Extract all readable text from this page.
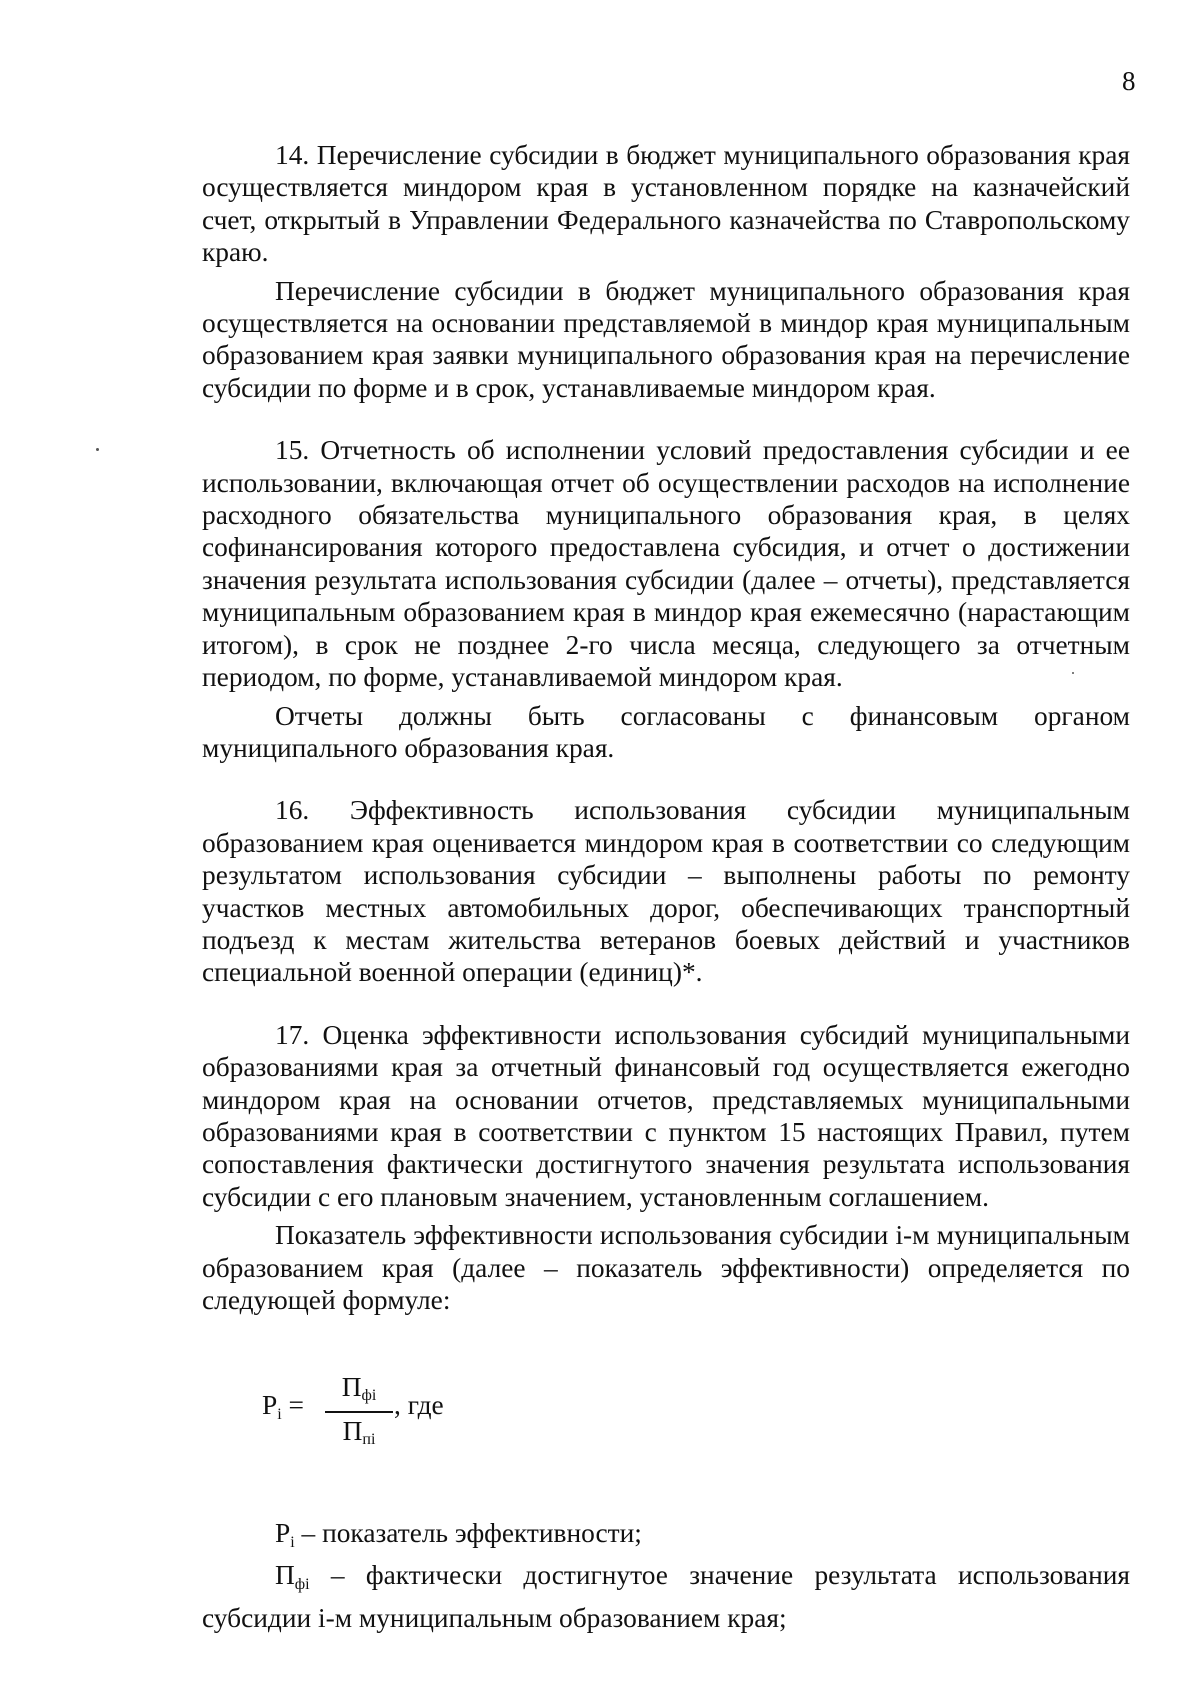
8

14. Перечисление субсидии в бюджет муниципального образования края осуществляется миндором края в установленном порядке на казначейский счет, открытый в Управлении Федерального казначейства по Ставропольскому краю.

Перечисление субсидии в бюджет муниципального образования края осуществляется на основании представляемой в миндор края муниципальным образованием края заявки муниципального образования края на перечисление субсидии по форме и в срок, устанавливаемые миндором края.

15. Отчетность об исполнении условий предоставления субсидии и ее использовании, включающая отчет об осуществлении расходов на исполнение расходного обязательства муниципального образования края, в целях софинансирования которого предоставлена субсидия, и отчет о достижении значения результата использования субсидии (далее – отчеты), представляется муниципальным образованием края в миндор края ежемесячно (нарастающим итогом), в срок не позднее 2-го числа месяца, следующего за отчетным периодом, по форме, устанавливаемой миндором края.

Отчеты должны быть согласованы с финансовым органом муниципального образования края.

16. Эффективность использования субсидии муниципальным образованием края оценивается миндором края в соответствии со следующим результатом использования субсидии – выполнены работы по ремонту участков местных автомобильных дорог, обеспечивающих транспортный подъезд к местам жительства ветеранов боевых действий и участников специальной военной операции (единиц)*.

17. Оценка эффективности использования субсидий муниципальными образованиями края за отчетный финансовый год осуществляется ежегодно миндором края на основании отчетов, представляемых муниципальными образованиями края в соответствии с пунктом 15 настоящих Правил, путем сопоставления фактически достигнутого значения результата использования субсидии с его плановым значением, установленным соглашением.

Показатель эффективности использования субсидии i-м муниципальным образованием края (далее – показатель эффективности) определяется по следующей формуле:

$P_i$ =
$П_{фi}$
$П_{пi}$
, где

$P_i$ – показатель эффективности;

$П_{фi}$ – фактически достигнутое значение результата использования субсидии i-м муниципальным образованием края;
